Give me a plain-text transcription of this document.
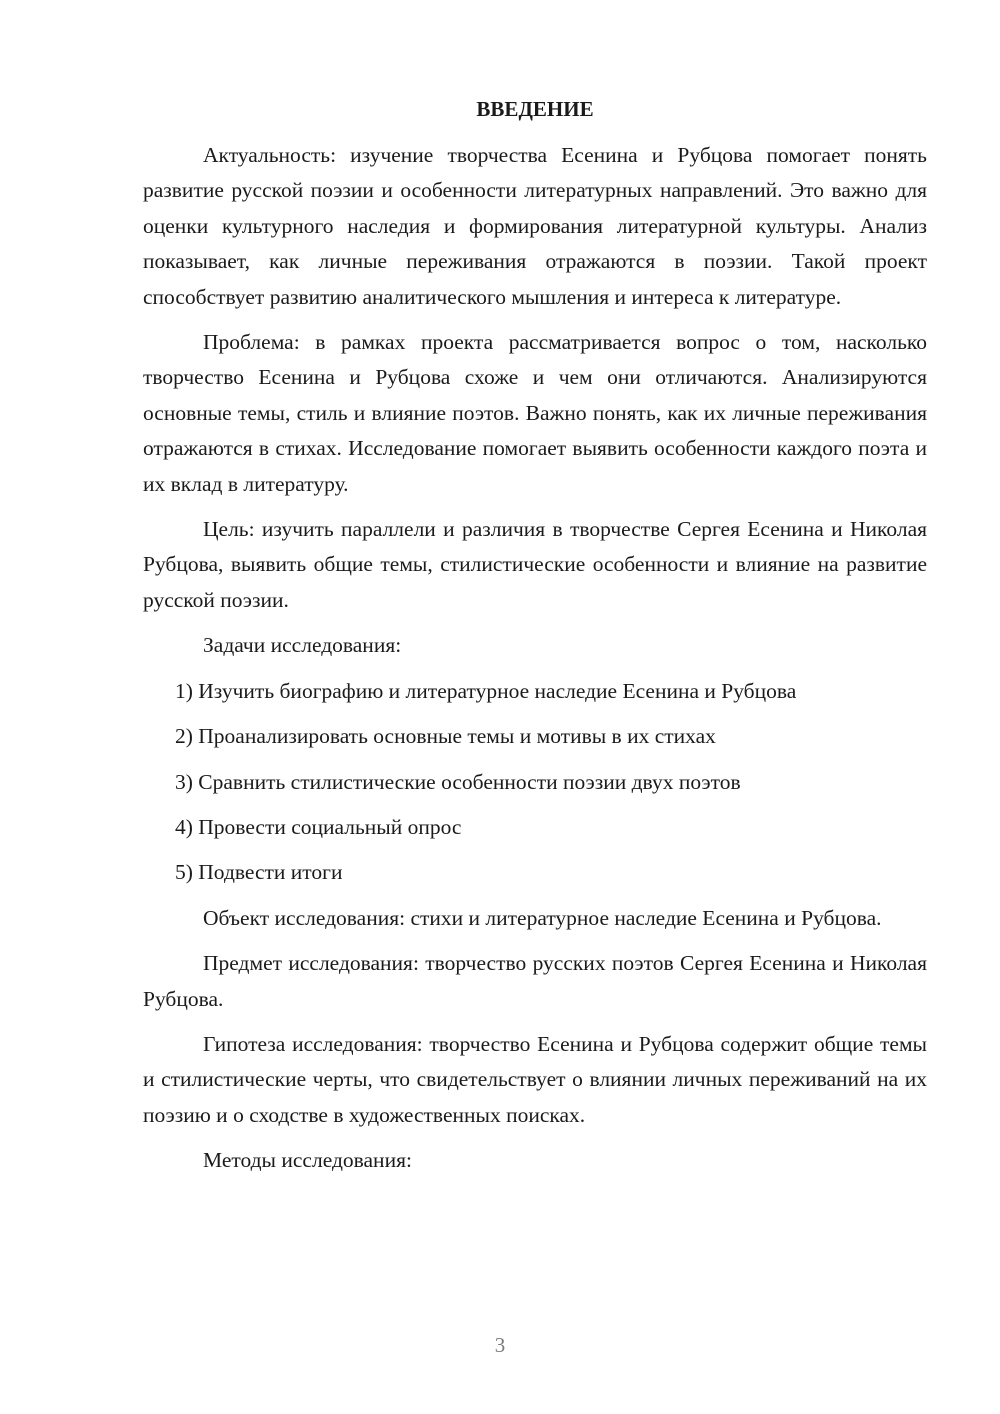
ВВЕДЕНИЕ

Актуальность: изучение творчества Есенина и Рубцова помогает понять развитие русской поэзии и особенности литературных направлений. Это важно для оценки культурного наследия и формирования литературной культуры. Анализ показывает, как личные переживания отражаются в поэзии. Такой проект способствует развитию аналитического мышления и интереса к литературе.

Проблема: в рамках проекта рассматривается вопрос о том, насколько творчество Есенина и Рубцова схоже и чем они отличаются. Анализируются основные темы, стиль и влияние поэтов. Важно понять, как их личные переживания отражаются в стихах. Исследование помогает выявить особенности каждого поэта и их вклад в литературу.

Цель: изучить параллели и различия в творчестве Сергея Есенина и Николая Рубцова, выявить общие темы, стилистические особенности и влияние на развитие русской поэзии.

Задачи исследования:

1) Изучить биографию и литературное наследие Есенина и Рубцова
2) Проанализировать основные темы и мотивы в их стихах
3) Сравнить стилистические особенности поэзии двух поэтов
4) Провести социальный опрос
5) Подвести итоги

Объект исследования: стихи и литературное наследие Есенина и Рубцова.

Предмет исследования: творчество русских поэтов Сергея Есенина и Николая Рубцова.

Гипотеза исследования: творчество Есенина и Рубцова содержит общие темы и стилистические черты, что свидетельствует о влиянии личных переживаний на их поэзию и о сходстве в художественных поисках.

Методы исследования:

3
